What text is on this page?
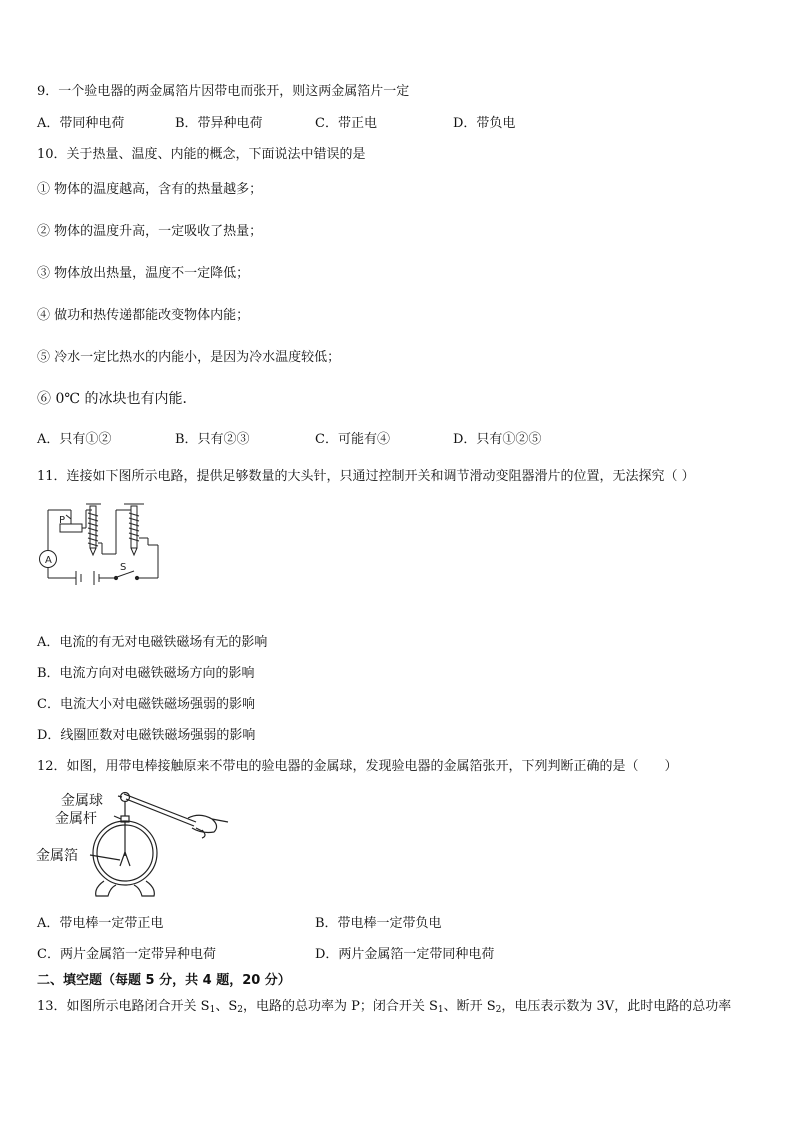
9．一个验电器的两金属箔片因带电而张开，则这两金属箔片一定
A．带同种电荷	B．带异种电荷	C．带正电	D．带负电
10．关于热量、温度、内能的概念，下面说法中错误的是
① 物体的温度越高，含有的热量越多；
② 物体的温度升高，一定吸收了热量；
③ 物体放出热量，温度不一定降低；
④ 做功和热传递都能改变物体内能；
⑤ 冷水一定比热水的内能小，是因为冷水温度较低；
⑥ 0℃ 的冰块也有内能．
A．只有①②	B．只有②③	C．可能有④	D．只有①②⑤
11．连接如下图所示电路，提供足够数量的大头针，只通过控制开关和调节滑动变阻器滑片的位置，无法探究（ ）
A
P
S
A．电流的有无对电磁铁磁场有无的影响
B．电流方向对电磁铁磁场方向的影响
C．电流大小对电磁铁磁场强弱的影响
D．线圈匝数对电磁铁磁场强弱的影响
12．如图，用带电棒接触原来不带电的验电器的金属球，发现验电器的金属箔张开，下列判断正确的是（　　）
金属球
金属杆
金属箔
A．带电棒一定带正电	B．带电棒一定带负电
C．两片金属箔一定带异种电荷	D．两片金属箔一定带同种电荷
二、填空题（每题 5 分，共 4 题，20 分）
13．如图所示电路闭合开关 $S_1$、$S_2$，电路的总功率为 P；闭合开关 $S_1$、断开 $S_2$，电压表示数为 3V，此时电路的总功率
